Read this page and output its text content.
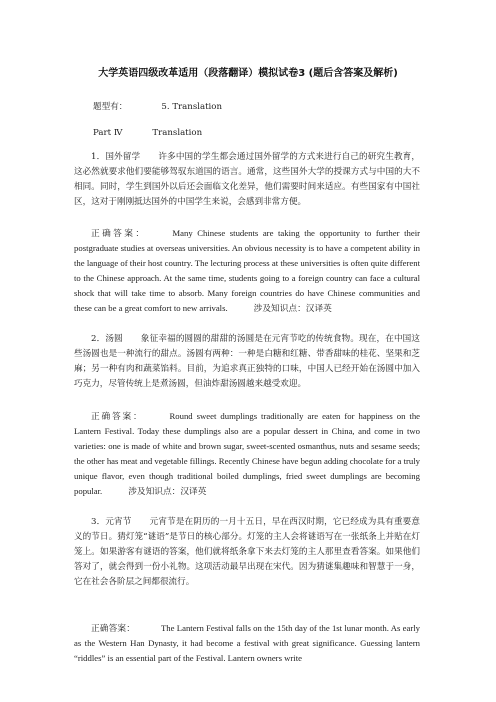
大学英语四级改革适用（段落翻译）模拟试卷3 (题后含答案及解析)
题型有：	5. Translation
Part Ⅳ	Translation
1．国外留学 许多中国的学生都会通过国外留学的方式来进行自己的研究生教育，这必然就要求他们要能够驾驭东道国的语言。通常，这些国外大学的授课方式与中国的大不相同。同时，学生到国外以后还会面临文化差异，他们需要时间来适应。有些国家有中国社区，这对于刚刚抵达国外的中国学生来说，会感到非常方便。
正确答案：	Many Chinese students are taking the opportunity to further their postgraduate studies at overseas universities. An obvious necessity is to have a competent ability in the language of their host country. The lecturing process at these universities is often quite different to the Chinese approach. At the same time, students going to a foreign country can face a cultural shock that will take time to absorb. Many foreign countries do have Chinese communities and these can be a great comfort to new arrivals.	涉及知识点：汉译英
2．汤圆 象征幸福的圆圆的甜甜的汤圆是在元宵节吃的传统食物。现在，在中国这些汤圆也是一种流行的甜点。汤圆有两种：一种是白糖和红糖、带香甜味的桂花、坚果和芝麻；另一种有肉和蔬菜馅料。目前，为追求真正独特的口味，中国人已经开始在汤圆中加入巧克力，尽管传统上是煮汤圆，但油炸甜汤圆越来越受欢迎。
正确答案：	Round sweet dumplings traditionally are eaten for happiness on the Lantern Festival. Today these dumplings also are a popular dessert in China, and come in two varieties: one is made of white and brown sugar, sweet-scented osmanthus, nuts and sesame seeds; the other has meat and vegetable fillings. Recently Chinese have begun adding chocolate for a truly unique flavor, even though traditional boiled dumplings, fried sweet dumplings are becoming popular.	涉及知识点：汉译英
3．元宵节 元宵节是在阴历的一月十五日，早在西汉时期，它已经成为具有重要意义的节日。猜灯笼“谜语”是节日的核心部分。灯笼的主人会将谜语写在一张纸条上并贴在灯笼上。如果游客有谜语的答案，他们就将纸条拿下来去灯笼的主人那里查看答案。如果他们答对了，就会得到一份小礼物。这项活动最早出现在宋代。因为猜谜集趣味和智慧于一身，它在社会各阶层之间都很流行。
正确答案：	The Lantern Festival falls on the 15th day of the 1st lunar month. As early as the Western Han Dynasty, it had become a festival with great significance. Guessing lantern “riddles” is an essential part of the Festival. Lantern owners write
